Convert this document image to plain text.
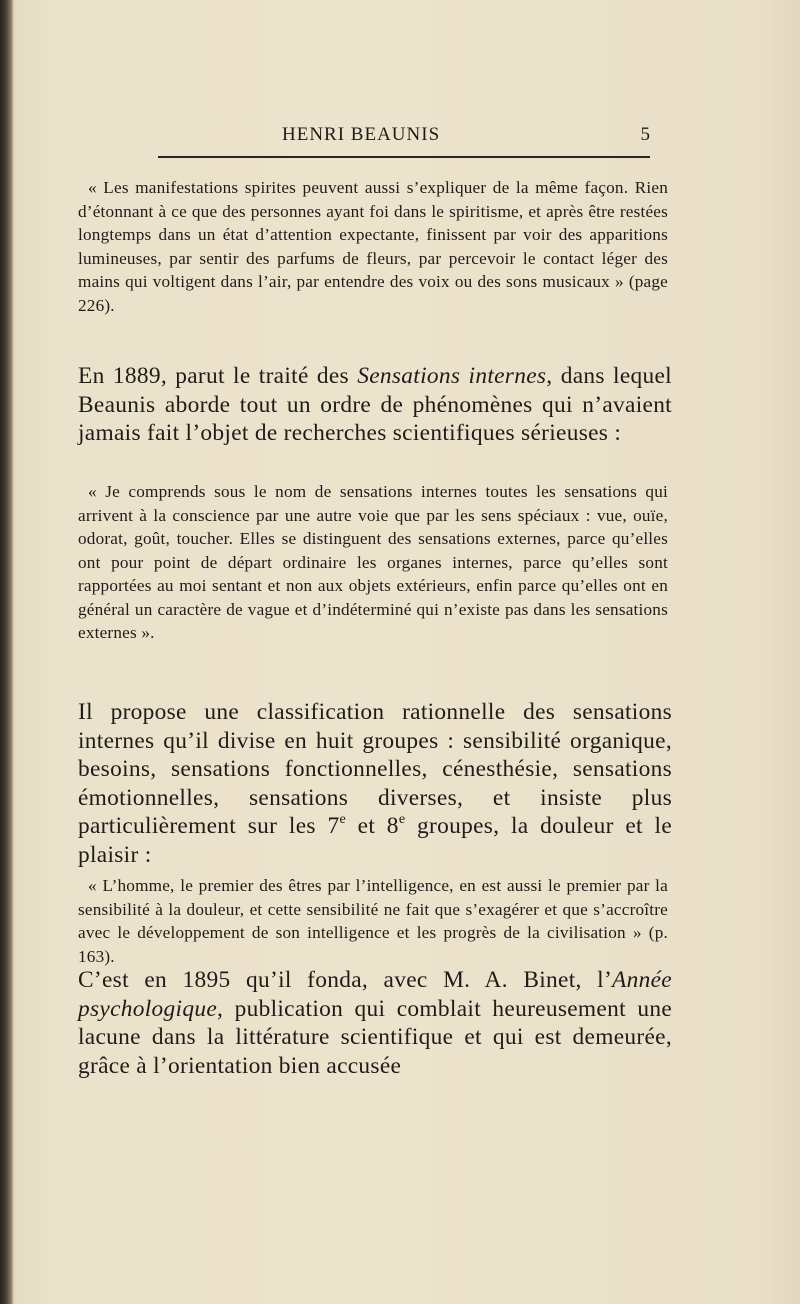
HENRI BEAUNIS	5
« Les manifestations spirites peuvent aussi s’expliquer de la même façon. Rien d’étonnant à ce que des personnes ayant foi dans le spiritisme, et après être restées longtemps dans un état d’attention expectante, finissent par voir des apparitions lumineuses, par sentir des parfums de fleurs, par percevoir le contact léger des mains qui voltigent dans l’air, par entendre des voix ou des sons musicaux » (page 226).
En 1889, parut le traité des Sensations internes, dans lequel Beaunis aborde tout un ordre de phénomènes qui n’avaient jamais fait l’objet de recherches scientifiques sérieuses :
« Je comprends sous le nom de sensations internes toutes les sensations qui arrivent à la conscience par une autre voie que par les sens spéciaux : vue, ouïe, odorat, goût, toucher. Elles se distinguent des sensations externes, parce qu’elles ont pour point de départ ordinaire les organes internes, parce qu’elles sont rapportées au moi sentant et non aux objets extérieurs, enfin parce qu’elles ont en général un caractère de vague et d’indéterminé qui n’existe pas dans les sensations externes ».
Il propose une classification rationnelle des sensations internes qu’il divise en huit groupes : sensibilité organique, besoins, sensations fonctionnelles, cénesthésie, sensations émotionnelles, sensations diverses, et insiste plus particulièrement sur les 7e et 8e groupes, la douleur et le plaisir :
« L’homme, le premier des êtres par l’intelligence, en est aussi le premier par la sensibilité à la douleur, et cette sensibilité ne fait que s’exagérer et que s’accroître avec le développement de son intelligence et les progrès de la civilisation » (p. 163).
C’est en 1895 qu’il fonda, avec M. A. Binet, l’Année psychologique, publication qui comblait heureusement une lacune dans la littérature scientifique et qui est demeurée, grâce à l’orientation bien accusée
